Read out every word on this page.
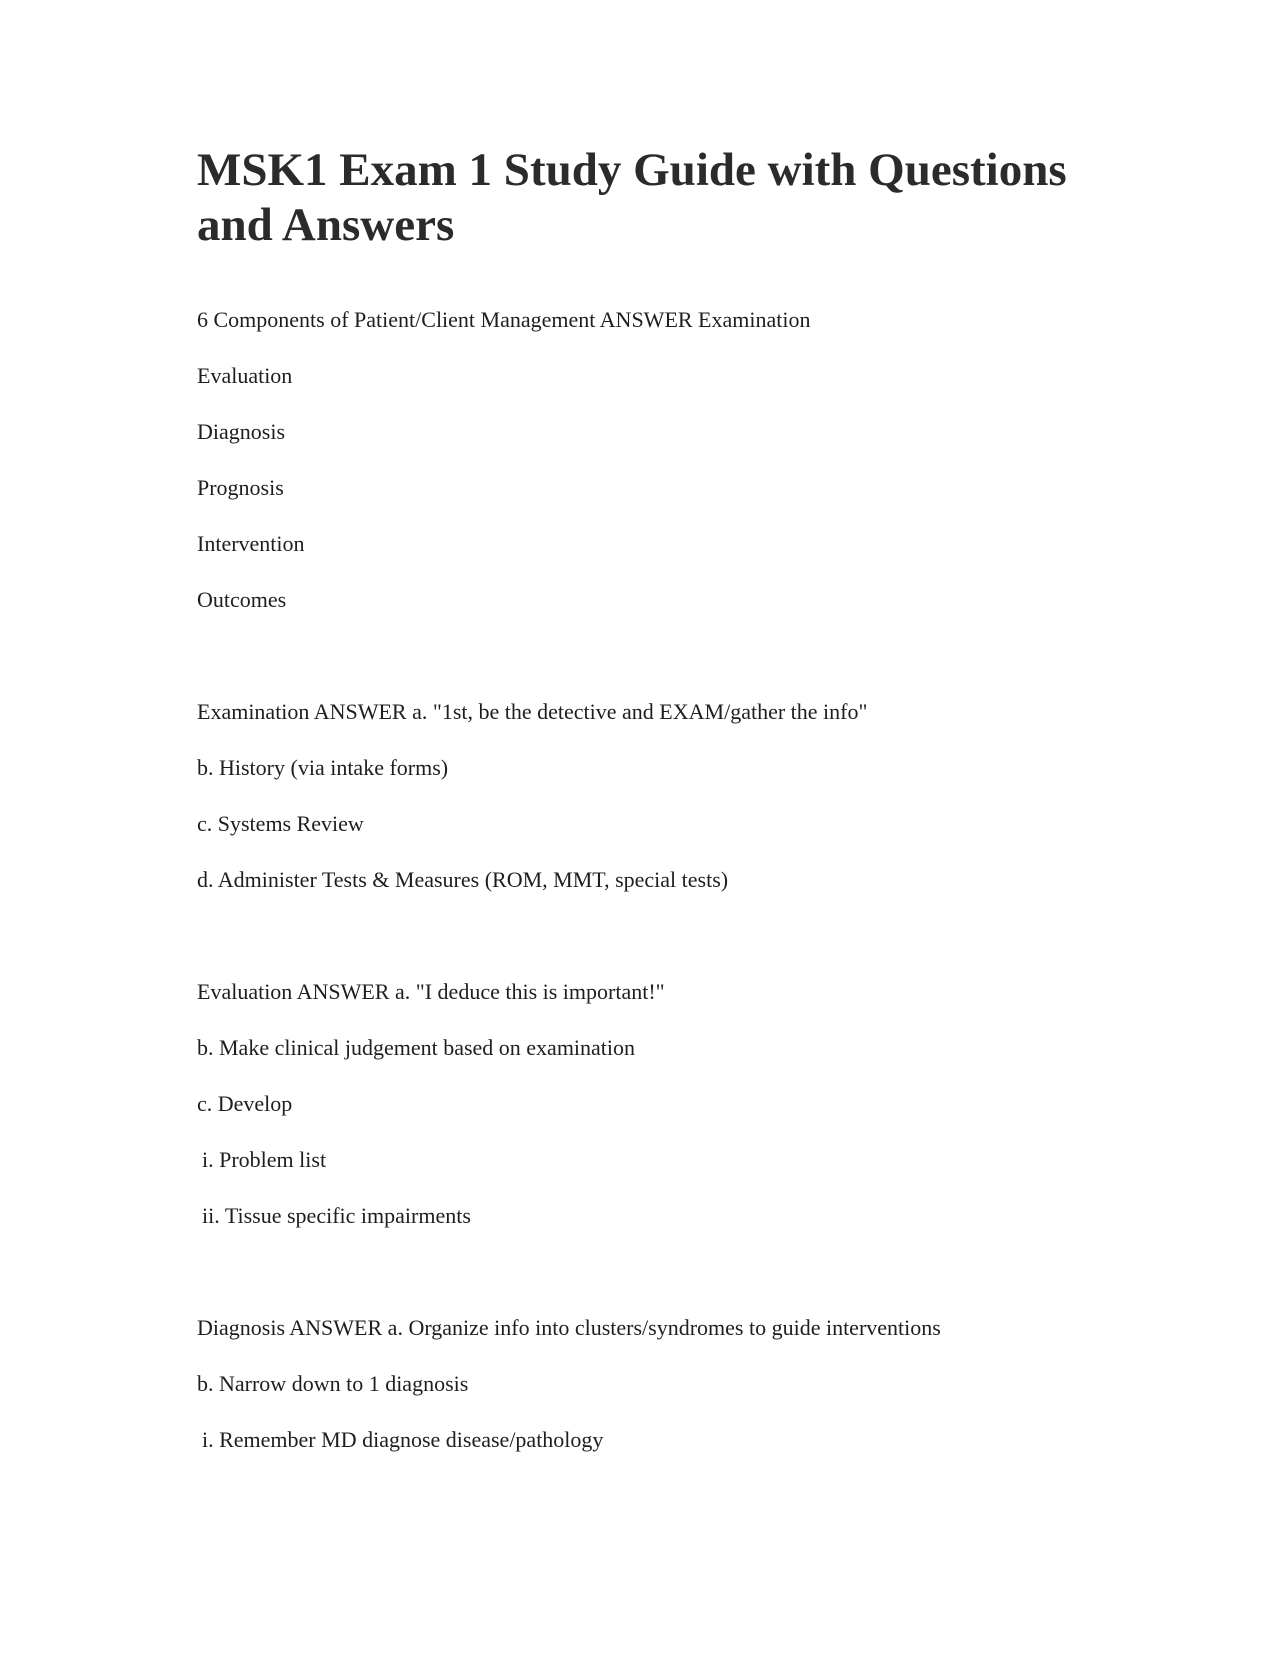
MSK1 Exam 1 Study Guide with Questions and Answers

6 Components of Patient/Client Management ANSWER Examination

Evaluation

Diagnosis

Prognosis

Intervention

Outcomes

Examination ANSWER a. "1st, be the detective and EXAM/gather the info"

b. History (via intake forms)

c. Systems Review

d. Administer Tests & Measures (ROM, MMT, special tests)

Evaluation ANSWER a. "I deduce this is important!"

b. Make clinical judgement based on examination

c. Develop

i. Problem list

ii. Tissue specific impairments

Diagnosis ANSWER a. Organize info into clusters/syndromes to guide interventions

b. Narrow down to 1 diagnosis

i. Remember MD diagnose disease/pathology
